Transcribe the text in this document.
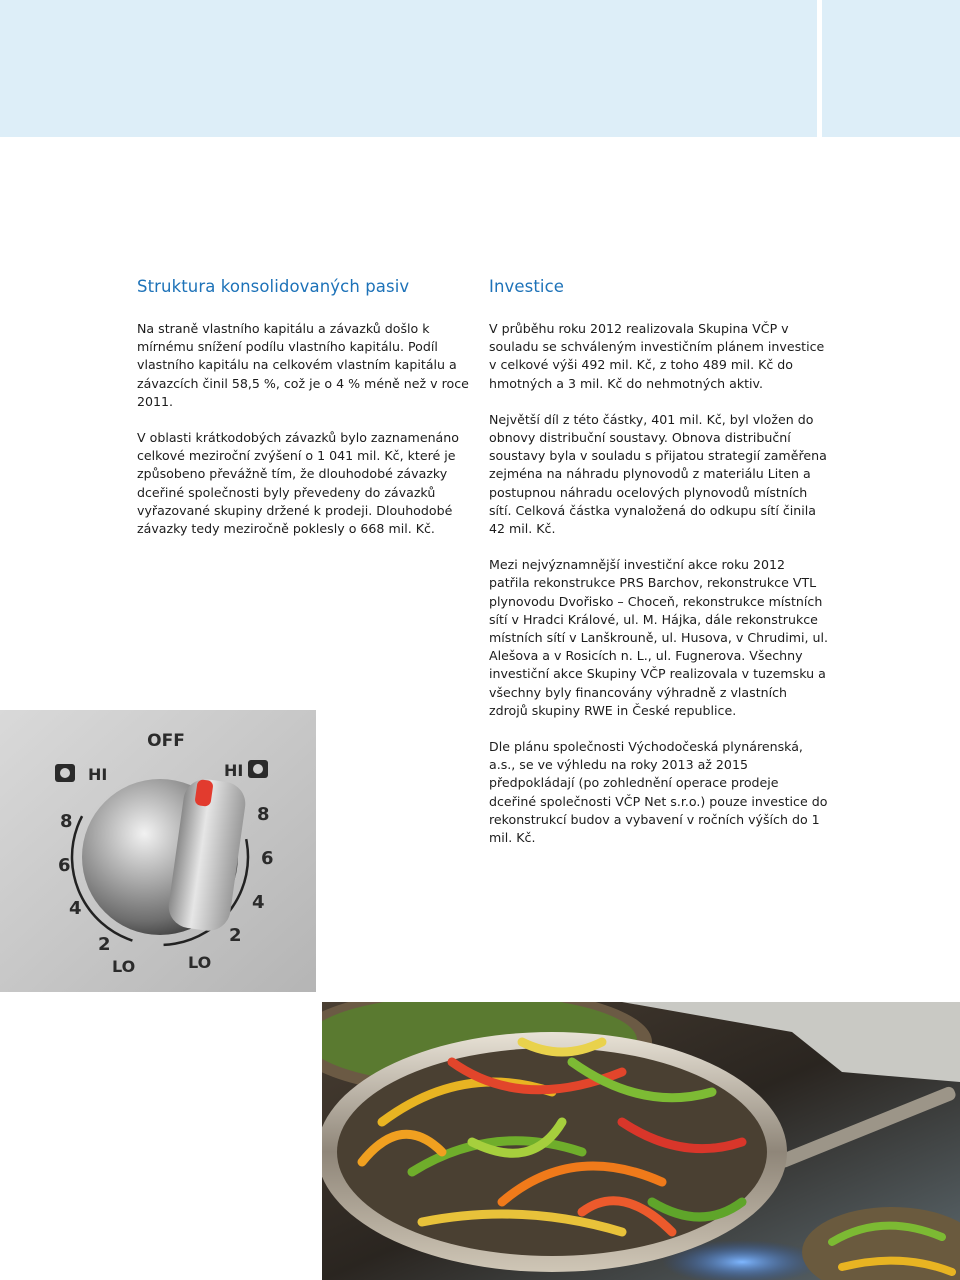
Struktura konsolidovaných pasiv

Na straně vlastního kapitálu a závazků došlo k mírnému snížení podílu vlastního kapitálu. Podíl vlastního kapitálu na celkovém vlastním kapitálu a závazcích činil 58,5 %, což je o 4 % méně než v roce 2011.

V oblasti krátkodobých závazků bylo zaznamenáno celkové meziroční zvýšení o 1 041 mil. Kč, které je způsobeno převážně tím, že dlouhodobé závazky dceřiné společnosti byly převedeny do závazků vyřazované skupiny držené k prodeji. Dlouhodobé závazky tedy meziročně poklesly o 668 mil. Kč.

Investice

V průběhu roku 2012 realizovala Skupina VČP v souladu se schváleným investičním plánem investice v celkové výši 492 mil. Kč, z toho 489 mil. Kč do hmotných a 3 mil. Kč do nehmotných aktiv.

Největší díl z této částky, 401 mil. Kč, byl vložen do obnovy distribuční soustavy. Obnova distribuční soustavy byla v souladu s přijatou strategií zaměřena zejména na náhradu plynovodů z materiálu Liten a postupnou náhradu ocelových plynovodů místních sítí. Celková částka vynaložená do odkupu sítí činila 42 mil. Kč.

Mezi nejvýznamnější investiční akce roku 2012 patřila rekonstrukce PRS Barchov, rekonstrukce VTL plynovodu Dvořisko – Choceň, rekonstrukce místních sítí v Hradci Králové, ul. M. Hájka, dále rekonstrukce místních sítí v Lanškrouně, ul. Husova, v Chrudimi, ul. Alešova a v Rosicích n. L., ul. Fugnerova. Všechny investiční akce Skupiny VČP realizovala v tuzemsku a všechny byly financovány výhradně z vlastních zdrojů skupiny RWE in České republice.

Dle plánu společnosti Východočeská plynárenská, a.s., se ve výhledu na roky 2013 až 2015 předpokládají (po zohlednění operace prodeje dceřiné společnosti VČP Net s.r.o.) pouze investice do rekonstrukcí budov a vybavení v ročních výších do 1 mil. Kč.

OFF
HI	HI
8
6
4
2
LO
8
6
4
2
LO
